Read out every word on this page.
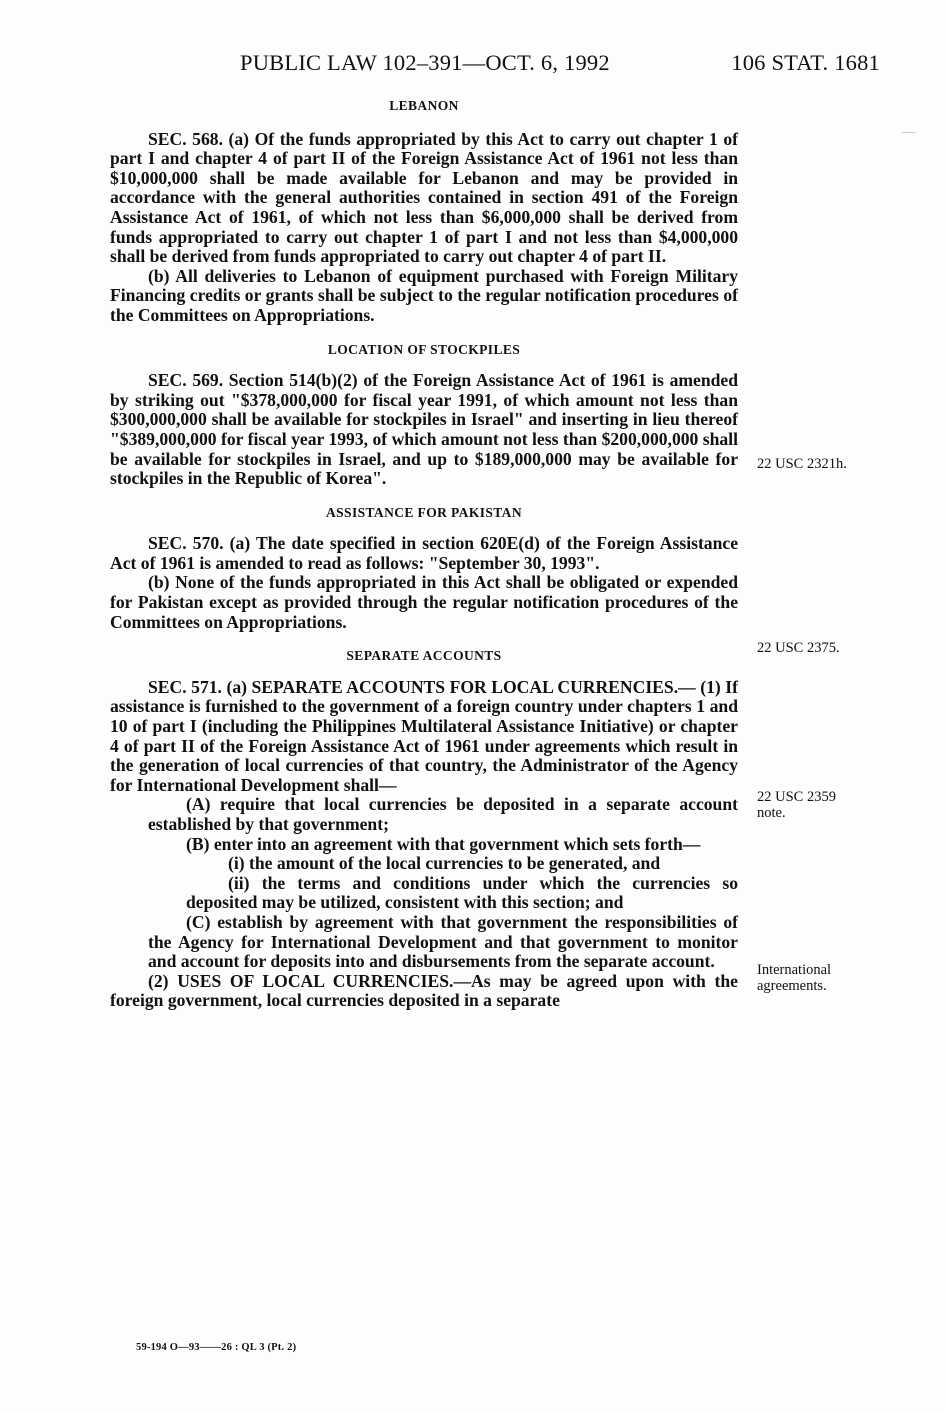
PUBLIC LAW 102–391—OCT. 6, 1992	106 STAT. 1681
LEBANON

SEC. 568. (a) Of the funds appropriated by this Act to carry out chapter 1 of part I and chapter 4 of part II of the Foreign Assistance Act of 1961 not less than $10,000,000 shall be made available for Lebanon and may be provided in accordance with the general authorities contained in section 491 of the Foreign Assistance Act of 1961, of which not less than $6,000,000 shall be derived from funds appropriated to carry out chapter 1 of part I and not less than $4,000,000 shall be derived from funds appropriated to carry out chapter 4 of part II.

(b) All deliveries to Lebanon of equipment purchased with Foreign Military Financing credits or grants shall be subject to the regular notification procedures of the Committees on Appropriations.

LOCATION OF STOCKPILES

SEC. 569. Section 514(b)(2) of the Foreign Assistance Act of 1961 is amended by striking out "$378,000,000 for fiscal year 1991, of which amount not less than $300,000,000 shall be available for stockpiles in Israel" and inserting in lieu thereof "$389,000,000 for fiscal year 1993, of which amount not less than $200,000,000 shall be available for stockpiles in Israel, and up to $189,000,000 may be available for stockpiles in the Republic of Korea".

ASSISTANCE FOR PAKISTAN

SEC. 570. (a) The date specified in section 620E(d) of the Foreign Assistance Act of 1961 is amended to read as follows: "September 30, 1993".

(b) None of the funds appropriated in this Act shall be obligated or expended for Pakistan except as provided through the regular notification procedures of the Committees on Appropriations.

SEPARATE ACCOUNTS

SEC. 571. (a) SEPARATE ACCOUNTS FOR LOCAL CURRENCIES.— (1) If assistance is furnished to the government of a foreign country under chapters 1 and 10 of part I (including the Philippines Multilateral Assistance Initiative) or chapter 4 of part II of the Foreign Assistance Act of 1961 under agreements which result in the generation of local currencies of that country, the Administrator of the Agency for International Development shall—

(A) require that local currencies be deposited in a separate account established by that government;

(B) enter into an agreement with that government which sets forth—

(i) the amount of the local currencies to be generated, and

(ii) the terms and conditions under which the currencies so deposited may be utilized, consistent with this section; and

(C) establish by agreement with that government the responsibilities of the Agency for International Development and that government to monitor and account for deposits into and disbursements from the separate account.

(2) USES OF LOCAL CURRENCIES.—As may be agreed upon with the foreign government, local currencies deposited in a separate

22 USC 2321h.
22 USC 2375.
22 USC 2359 note.
International agreements.
59-194 O—93——26 : QL 3 (Pt. 2)
